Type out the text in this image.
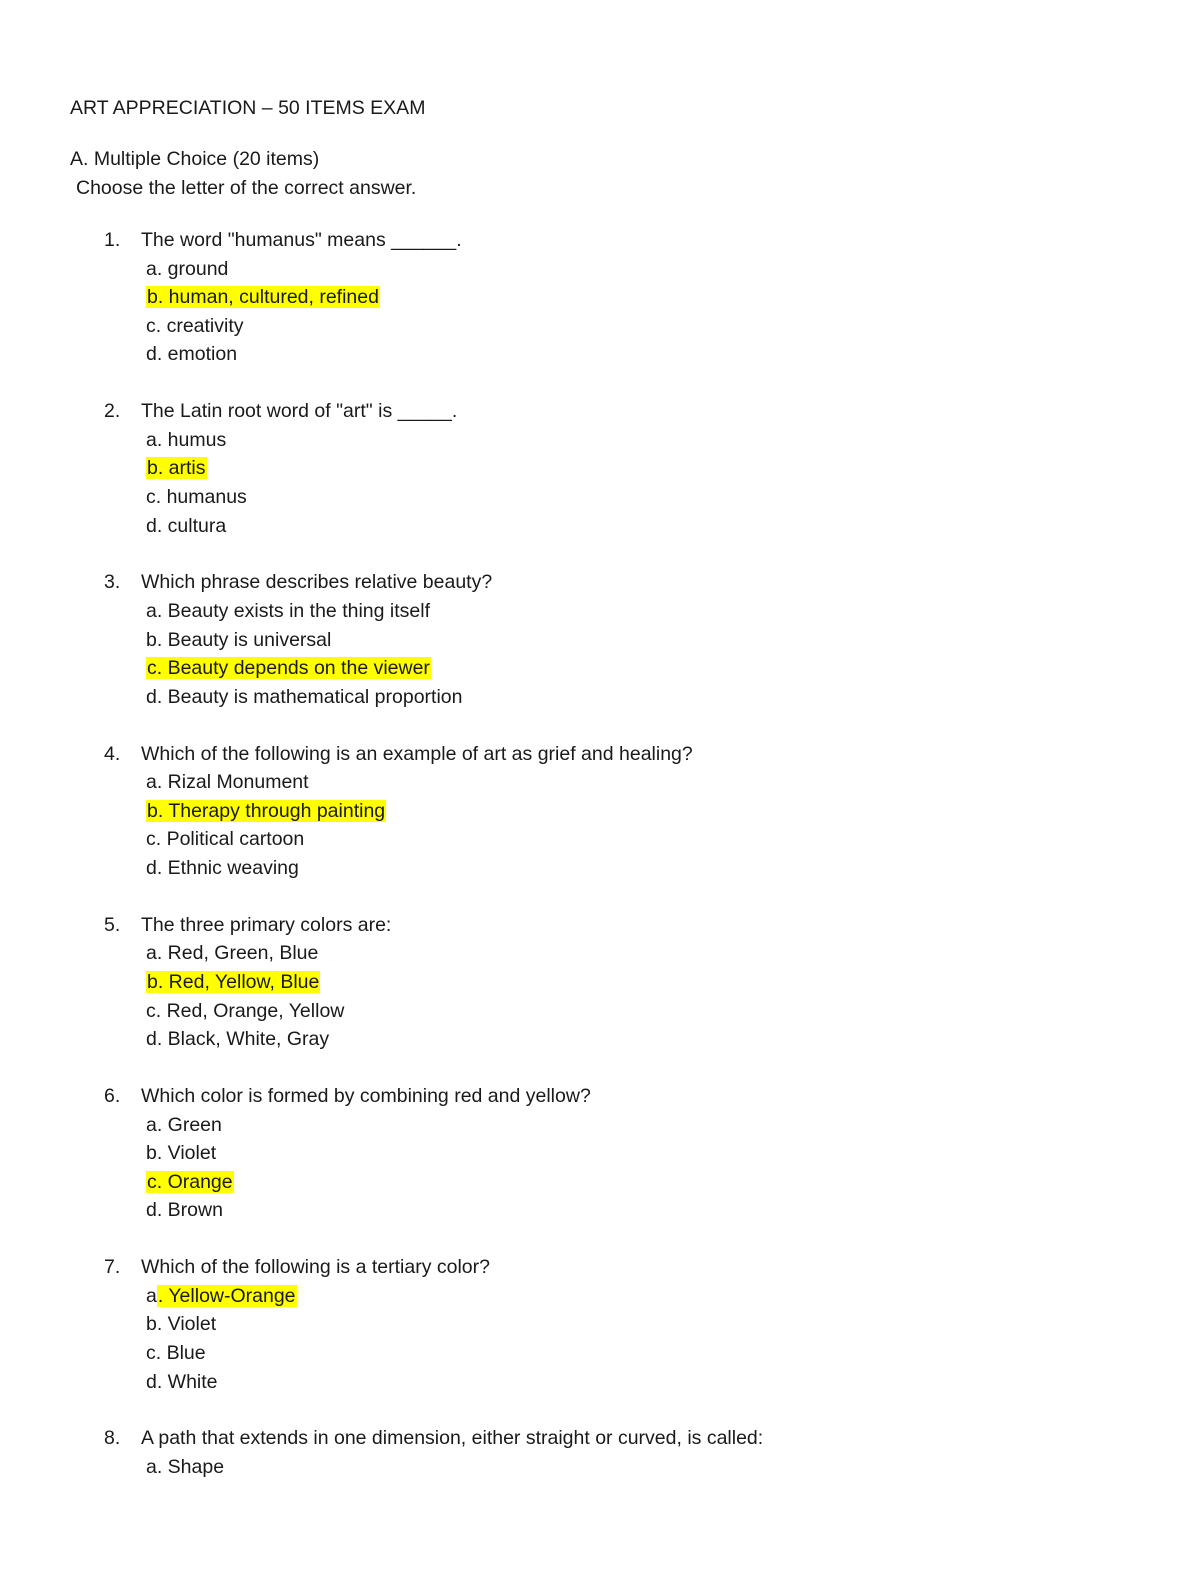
ART APPRECIATION – 50 ITEMS EXAM
A. Multiple Choice (20 items)

Choose the letter of the correct answer.

1. The word "humanus" means ______.
a. ground
b. human, cultured, refined
c. creativity
d. emotion
2. The Latin root word of "art" is _____.
a. humus
b. artis
c. humanus
d. cultura
3. Which phrase describes relative beauty?
a. Beauty exists in the thing itself
b. Beauty is universal
c. Beauty depends on the viewer
d. Beauty is mathematical proportion
4. Which of the following is an example of art as grief and healing?
a. Rizal Monument
b. Therapy through painting
c. Political cartoon
d. Ethnic weaving
5. The three primary colors are:
a. Red, Green, Blue
b. Red, Yellow, Blue
c. Red, Orange, Yellow
d. Black, White, Gray
6. Which color is formed by combining red and yellow?
a. Green
b. Violet
c. Orange
d. Brown
7. Which of the following is a tertiary color?
a. Yellow-Orange
b. Violet
c. Blue
d. White
8. A path that extends in one dimension, either straight or curved, is called:
a. Shape
